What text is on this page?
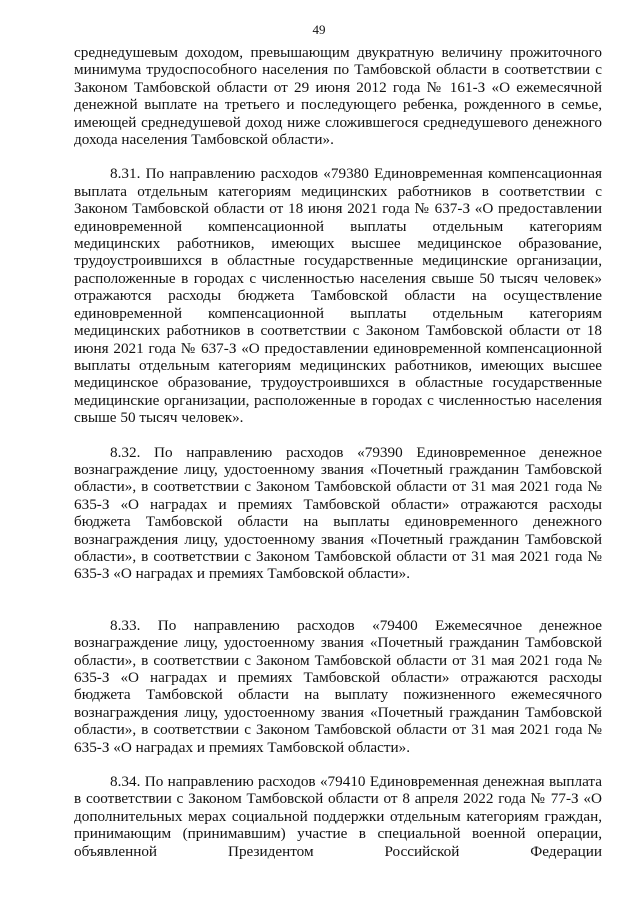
49

среднедушевым доходом, превышающим двукратную величину прожиточного минимума трудоспособного населения по Тамбовской области в соответствии с Законом Тамбовской области от 29 июня 2012 года № 161-З «О ежемесячной денежной выплате на третьего и последующего ребенка, рожденного в семье, имеющей среднедушевой доход ниже сложившегося среднедушевого денежного дохода населения Тамбовской области».

8.31. По направлению расходов «79380 Единовременная компенсационная выплата отдельным категориям медицинских работников в соответствии с Законом Тамбовской области от 18 июня 2021 года № 637-З «О предоставлении единовременной компенсационной выплаты отдельным категориям медицинских работников, имеющих высшее медицинское образование, трудоустроившихся в областные государственные медицинские организации, расположенные в городах с численностью населения свыше 50 тысяч человек» отражаются расходы бюджета Тамбовской области на осуществление единовременной компенсационной выплаты отдельным категориям медицинских работников в соответствии с Законом Тамбовской области от 18 июня 2021 года № 637-З «О предоставлении единовременной компенсационной выплаты отдельным категориям медицинских работников, имеющих высшее медицинское образование, трудоустроившихся в областные государственные медицинские организации, расположенные в городах с численностью населения свыше 50 тысяч человек».

8.32. По направлению расходов «79390 Единовременное денежное вознаграждение лицу, удостоенному звания «Почетный гражданин Тамбовской области», в соответствии с Законом Тамбовской области от 31 мая 2021 года № 635-З «О наградах и премиях Тамбовской области» отражаются расходы бюджета Тамбовской области на выплаты единовременного денежного вознаграждения лицу, удостоенному звания «Почетный гражданин Тамбовской области», в соответствии с Законом Тамбовской области от 31 мая 2021 года № 635-З «О наградах и премиях Тамбовской области».

8.33. По направлению расходов «79400 Ежемесячное денежное вознаграждение лицу, удостоенному звания «Почетный гражданин Тамбовской области», в соответствии с Законом Тамбовской области от 31 мая 2021 года № 635-З «О наградах и премиях Тамбовской области» отражаются расходы бюджета Тамбовской области на выплату пожизненного ежемесячного вознаграждения лицу, удостоенному звания «Почетный гражданин Тамбовской области», в соответствии с Законом Тамбовской области от 31 мая 2021 года № 635-З «О наградах и премиях Тамбовской области».

8.34. По направлению расходов «79410 Единовременная денежная выплата в соответствии с Законом Тамбовской области от 8 апреля 2022 года № 77-З «О дополнительных мерах социальной поддержки отдельным категориям граждан, принимающим (принимавшим) участие в специальной военной операции, объявленной Президентом Российской Федерации
